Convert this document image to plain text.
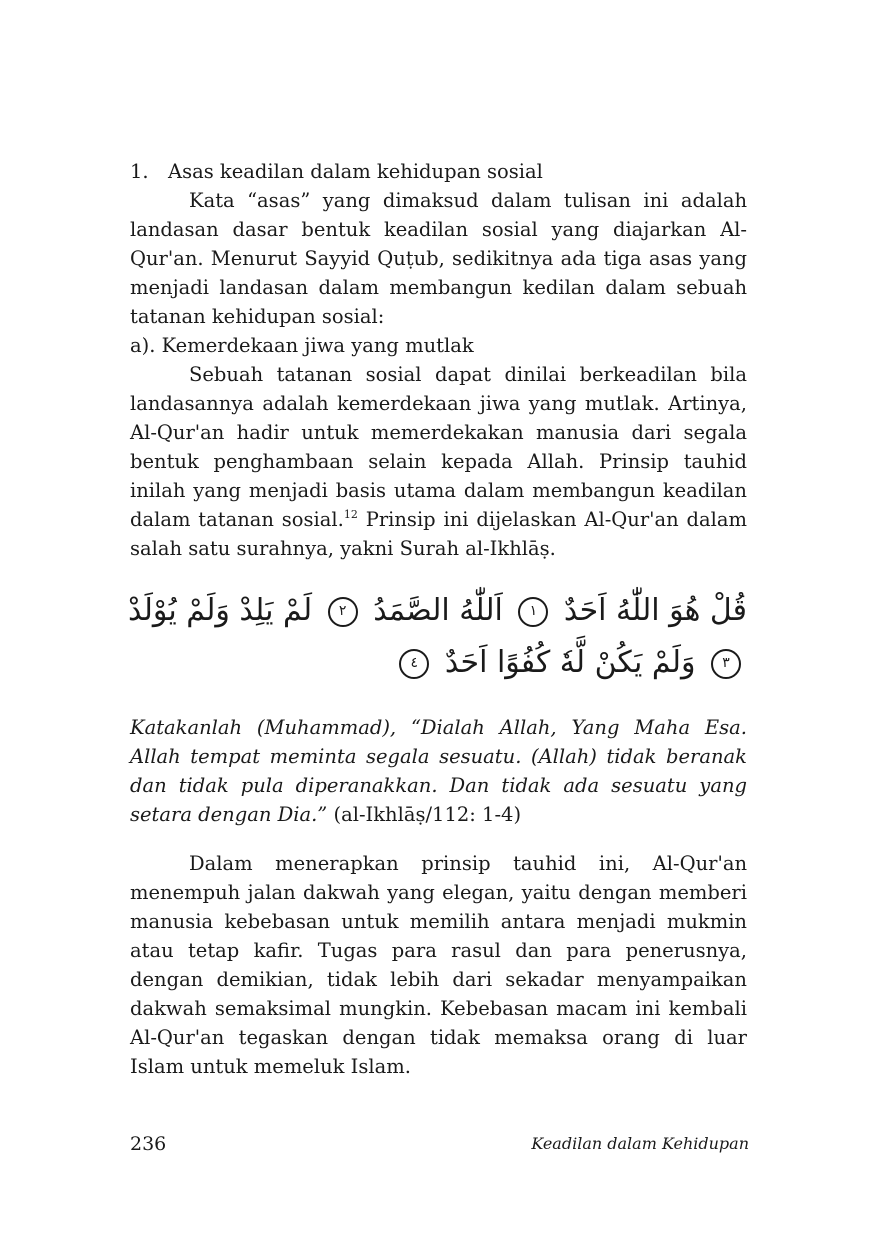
1. Asas keadilan dalam kehidupan sosial

Kata “asas” yang dimaksud dalam tulisan ini adalah landasan dasar bentuk keadilan sosial yang diajarkan Al-Qur'an. Menurut Sayyid Quṭub, sedikitnya ada tiga asas yang menjadi landasan dalam membangun kedilan dalam sebuah tatanan kehidupan sosial:

a). Kemerdekaan jiwa yang mutlak

Sebuah tatanan sosial dapat dinilai berkeadilan bila landasannya adalah kemerdekaan jiwa yang mutlak. Artinya, Al-Qur'an hadir untuk memerdekakan manusia dari segala bentuk penghambaan selain kepada Allah. Prinsip tauhid inilah yang menjadi basis utama dalam membangun keadilan dalam tatanan sosial.$^{12}$ Prinsip ini dijelaskan Al-Qur'an dalam salah satu surahnya, yakni Surah al-Ikhlāṣ.

قُلْ هُوَ اللّٰهُ اَحَدٌ ١ اَللّٰهُ الصَّمَدُ ٢ لَمْ يَلِدْ وَلَمْ يُوْلَدْ
٣ وَلَمْ يَكُنْ لَّهٗ كُفُوًا اَحَدٌ ٤

Katakanlah (Muhammad), “Dialah Allah, Yang Maha Esa. Allah tempat meminta segala sesuatu. (Allah) tidak beranak dan tidak pula diperanakkan. Dan tidak ada sesuatu yang setara dengan Dia.” (al-Ikhlāṣ/112: 1-4)

Dalam menerapkan prinsip tauhid ini, Al-Qur'an menempuh jalan dakwah yang elegan, yaitu dengan memberi manusia kebebasan untuk memilih antara menjadi mukmin atau tetap kafir. Tugas para rasul dan para penerusnya, dengan demikian, tidak lebih dari sekadar menyampaikan dakwah semaksimal mungkin. Kebebasan macam ini kembali Al-Qur'an tegaskan dengan tidak memaksa orang di luar Islam untuk memeluk Islam.

236	Keadilan dalam Kehidupan
